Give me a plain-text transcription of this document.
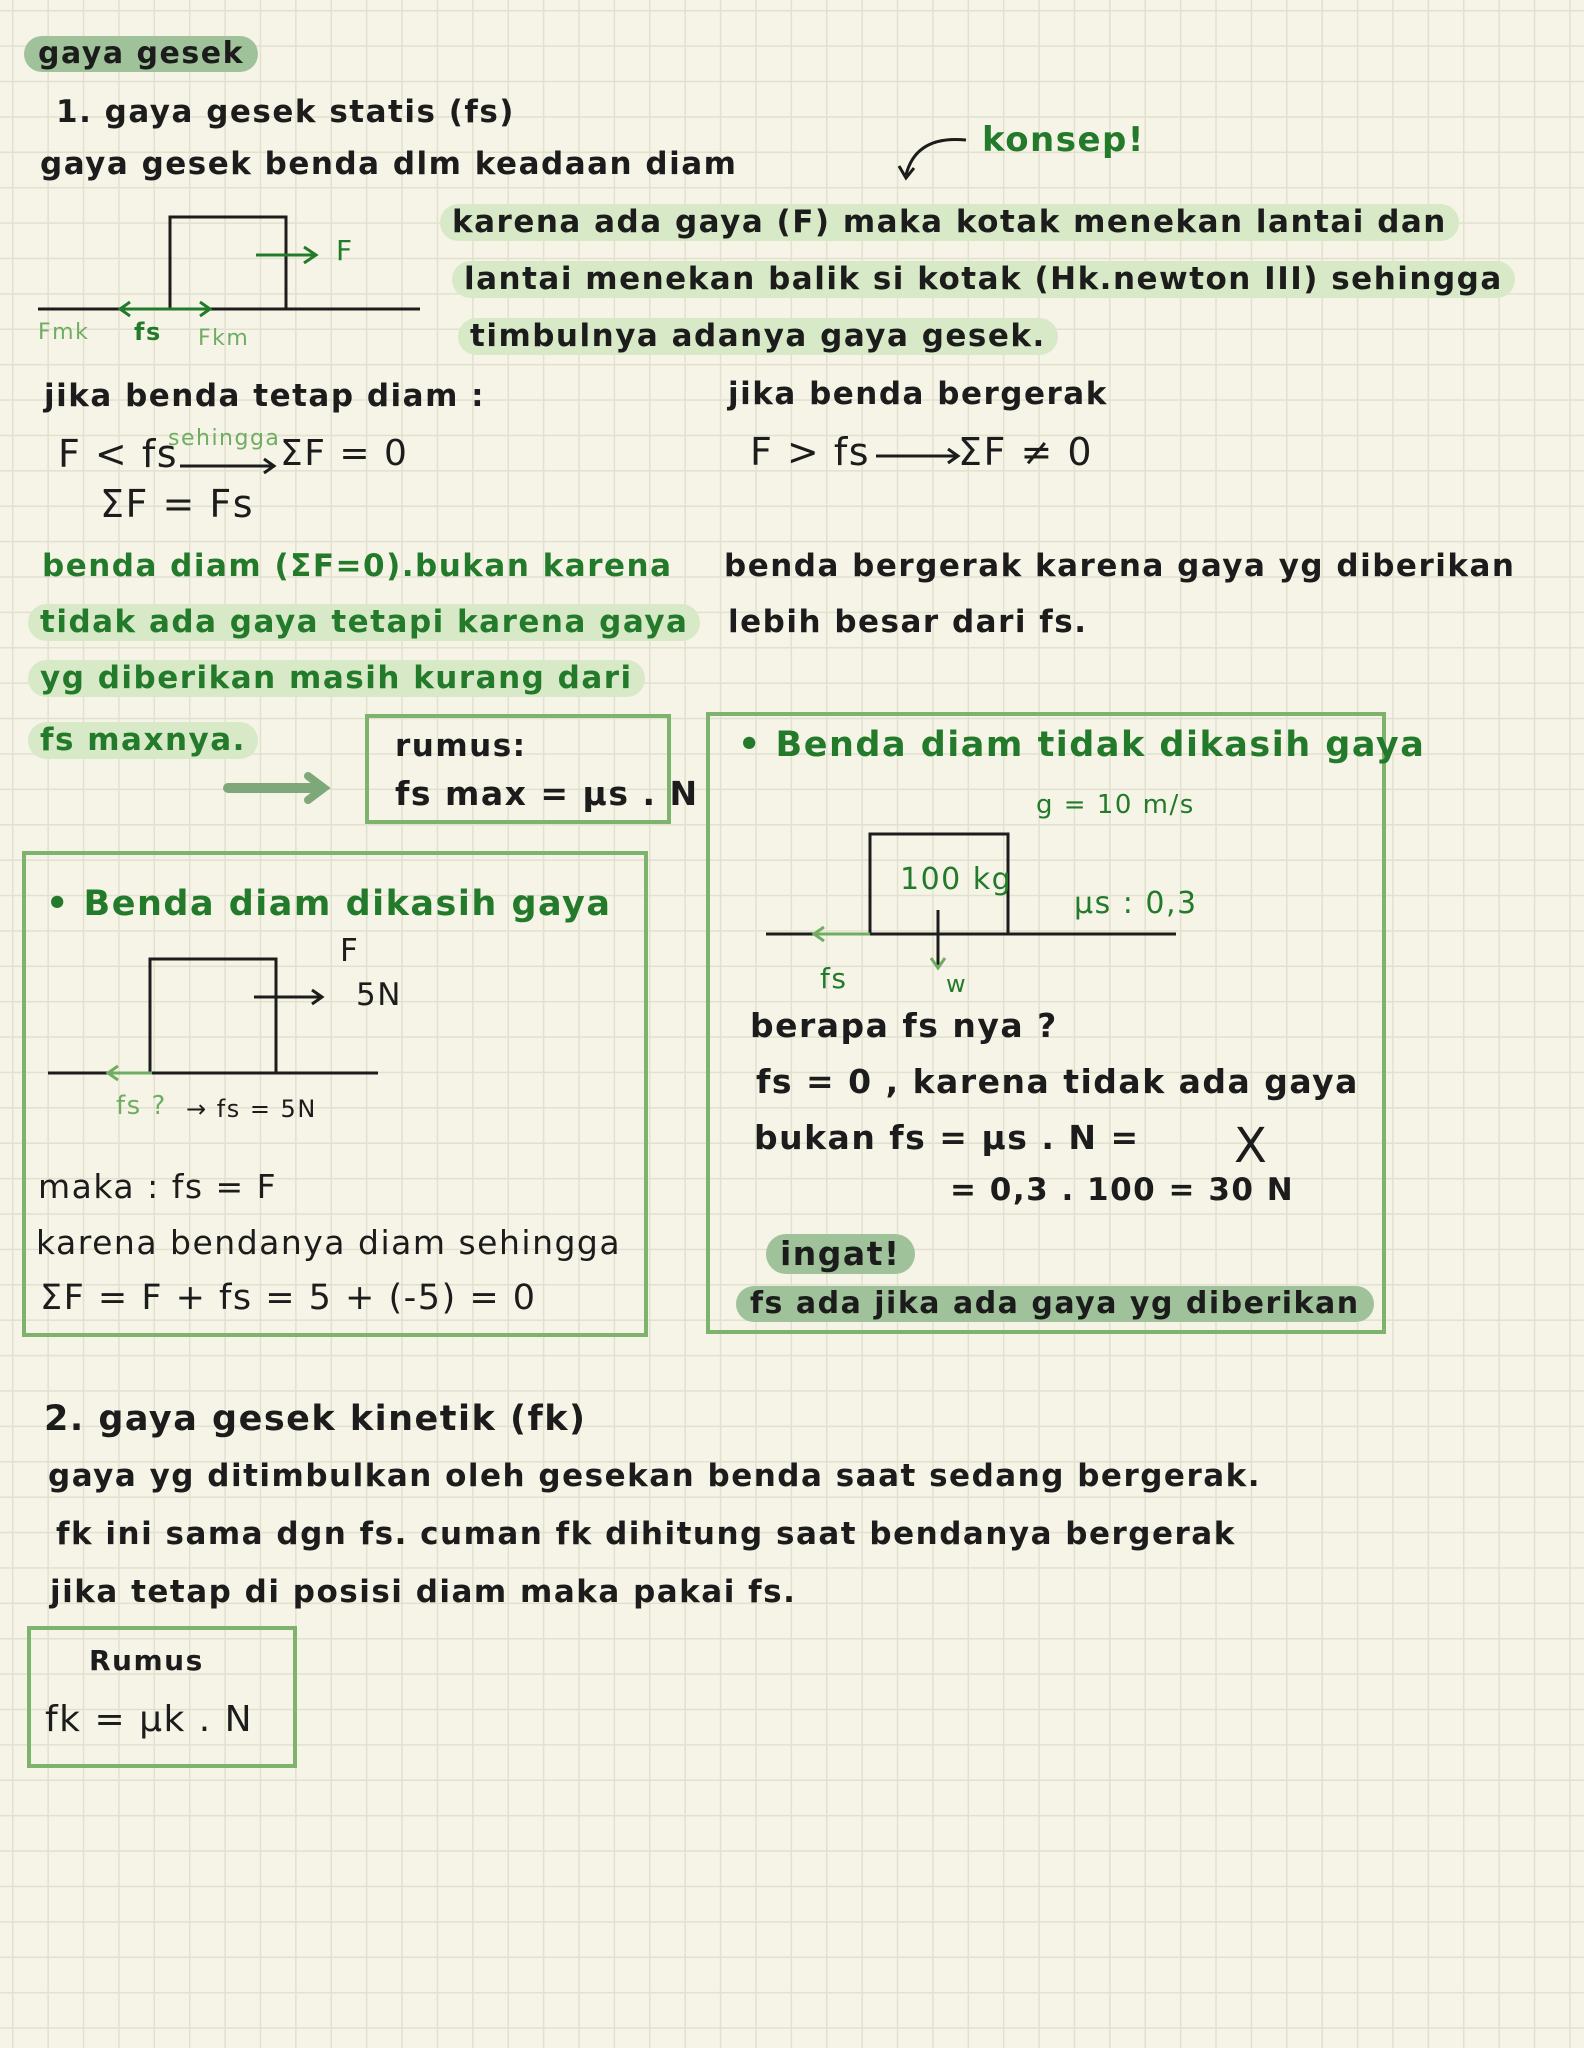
gaya gesek
1. gaya gesek statis (fs)
gaya gesek benda dlm keadaan diam
F
Fmk fs Fkm
konsep!
karena ada gaya (F) maka kotak menekan lantai dan
lantai menekan balik si kotak (Hk.newton III) sehingga
timbulnya adanya gaya gesek.
jika benda tetap diam :
F < fs
sehingga ΣF = 0
ΣF = Fs
benda diam (ΣF=0).bukan karena
tidak ada gaya tetapi karena gaya
yg diberikan masih kurang dari
fs maxnya.
jika benda bergerak
F > fs ΣF ≠ 0
benda bergerak karena gaya yg diberikan
lebih besar dari fs.
rumus:
fs max = μs . N
• Benda diam dikasih gaya
F
5N
fs ? → fs = 5N
maka : fs = F
karena bendanya diam sehingga
ΣF = F + fs = 5 + (-5) = 0
• Benda diam tidak dikasih gaya
g = 10 m/s
100 kg
μs : 0,3
fs	w
berapa fs nya ?
fs = 0 , karena tidak ada gaya
bukan fs = μs . N = X
= 0,3 . 100 = 30 N
ingat!
fs ada jika ada gaya yg diberikan
2. gaya gesek kinetik (fk)
gaya yg ditimbulkan oleh gesekan benda saat sedang bergerak.
fk ini sama dgn fs. cuman fk dihitung saat bendanya bergerak
jika tetap di posisi diam maka pakai fs.
Rumus
fk = μk . N
